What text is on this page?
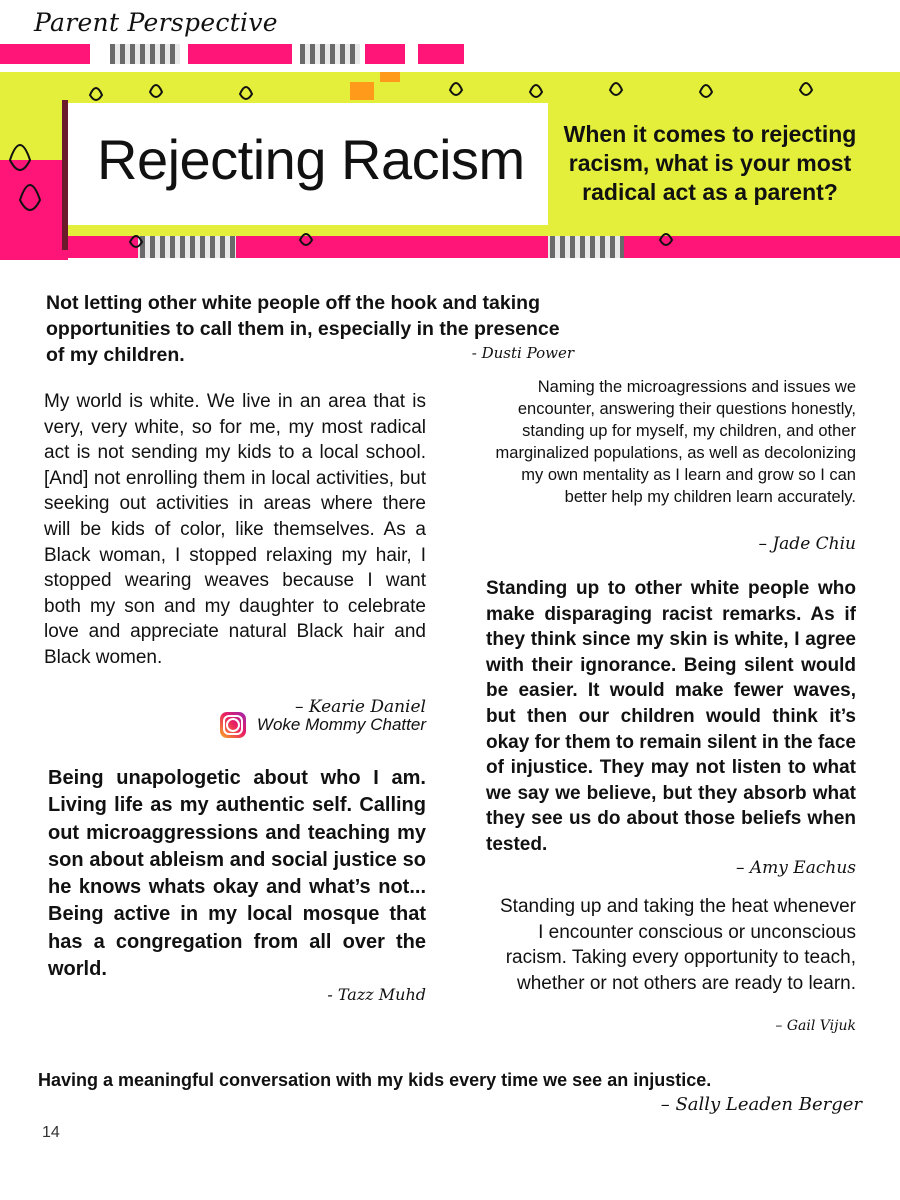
Parent Perspective
Rejecting Racism	When it comes to rejecting racism, what is your most radical act as a parent?
Not letting other white people off the hook and taking opportunities to call them in, especially in the presence of my children.	- Dusti Power
My world is white. We live in an area that is very, very white, so for me, my most radical act is not sending my kids to a local school. [And] not enrolling them in local activities, but seeking out activities in areas where there will be kids of color, like themselves. As a Black woman, I stopped relaxing my hair, I stopped wearing weaves because I want both my son and my daughter to celebrate love and appreciate natural Black hair and Black women.
– Kearie Daniel
Woke Mommy Chatter
Naming the microagressions and issues we encounter, answering their questions honestly, standing up for myself, my children, and other marginalized populations, as well as decolonizing my own mentality as I learn and grow so I can better help my children learn accurately.
– Jade Chiu
Standing up to other white people who make disparaging racist remarks. As if they think since my skin is white, I agree with their ignorance. Being silent would be easier. It would make fewer waves, but then our children would think it’s okay for them to remain silent in the face of injustice. They may not listen to what we say we believe, but they absorb what they see us do about those beliefs when tested.
– Amy Eachus
Being unapologetic about who I am. Living life as my authentic self. Calling out microaggressions and teaching my son about ableism and social justice so he knows whats okay and what’s not... Being active in my local mosque that has a congregation from all over the world.
- Tazz Muhd
Standing up and taking the heat whenever I encounter conscious or unconscious racism. Taking every opportunity to teach, whether or not others are ready to learn.
– Gail Vijuk
Having a meaningful conversation with my kids every time we see an injustice.
– Sally Leaden Berger
14
